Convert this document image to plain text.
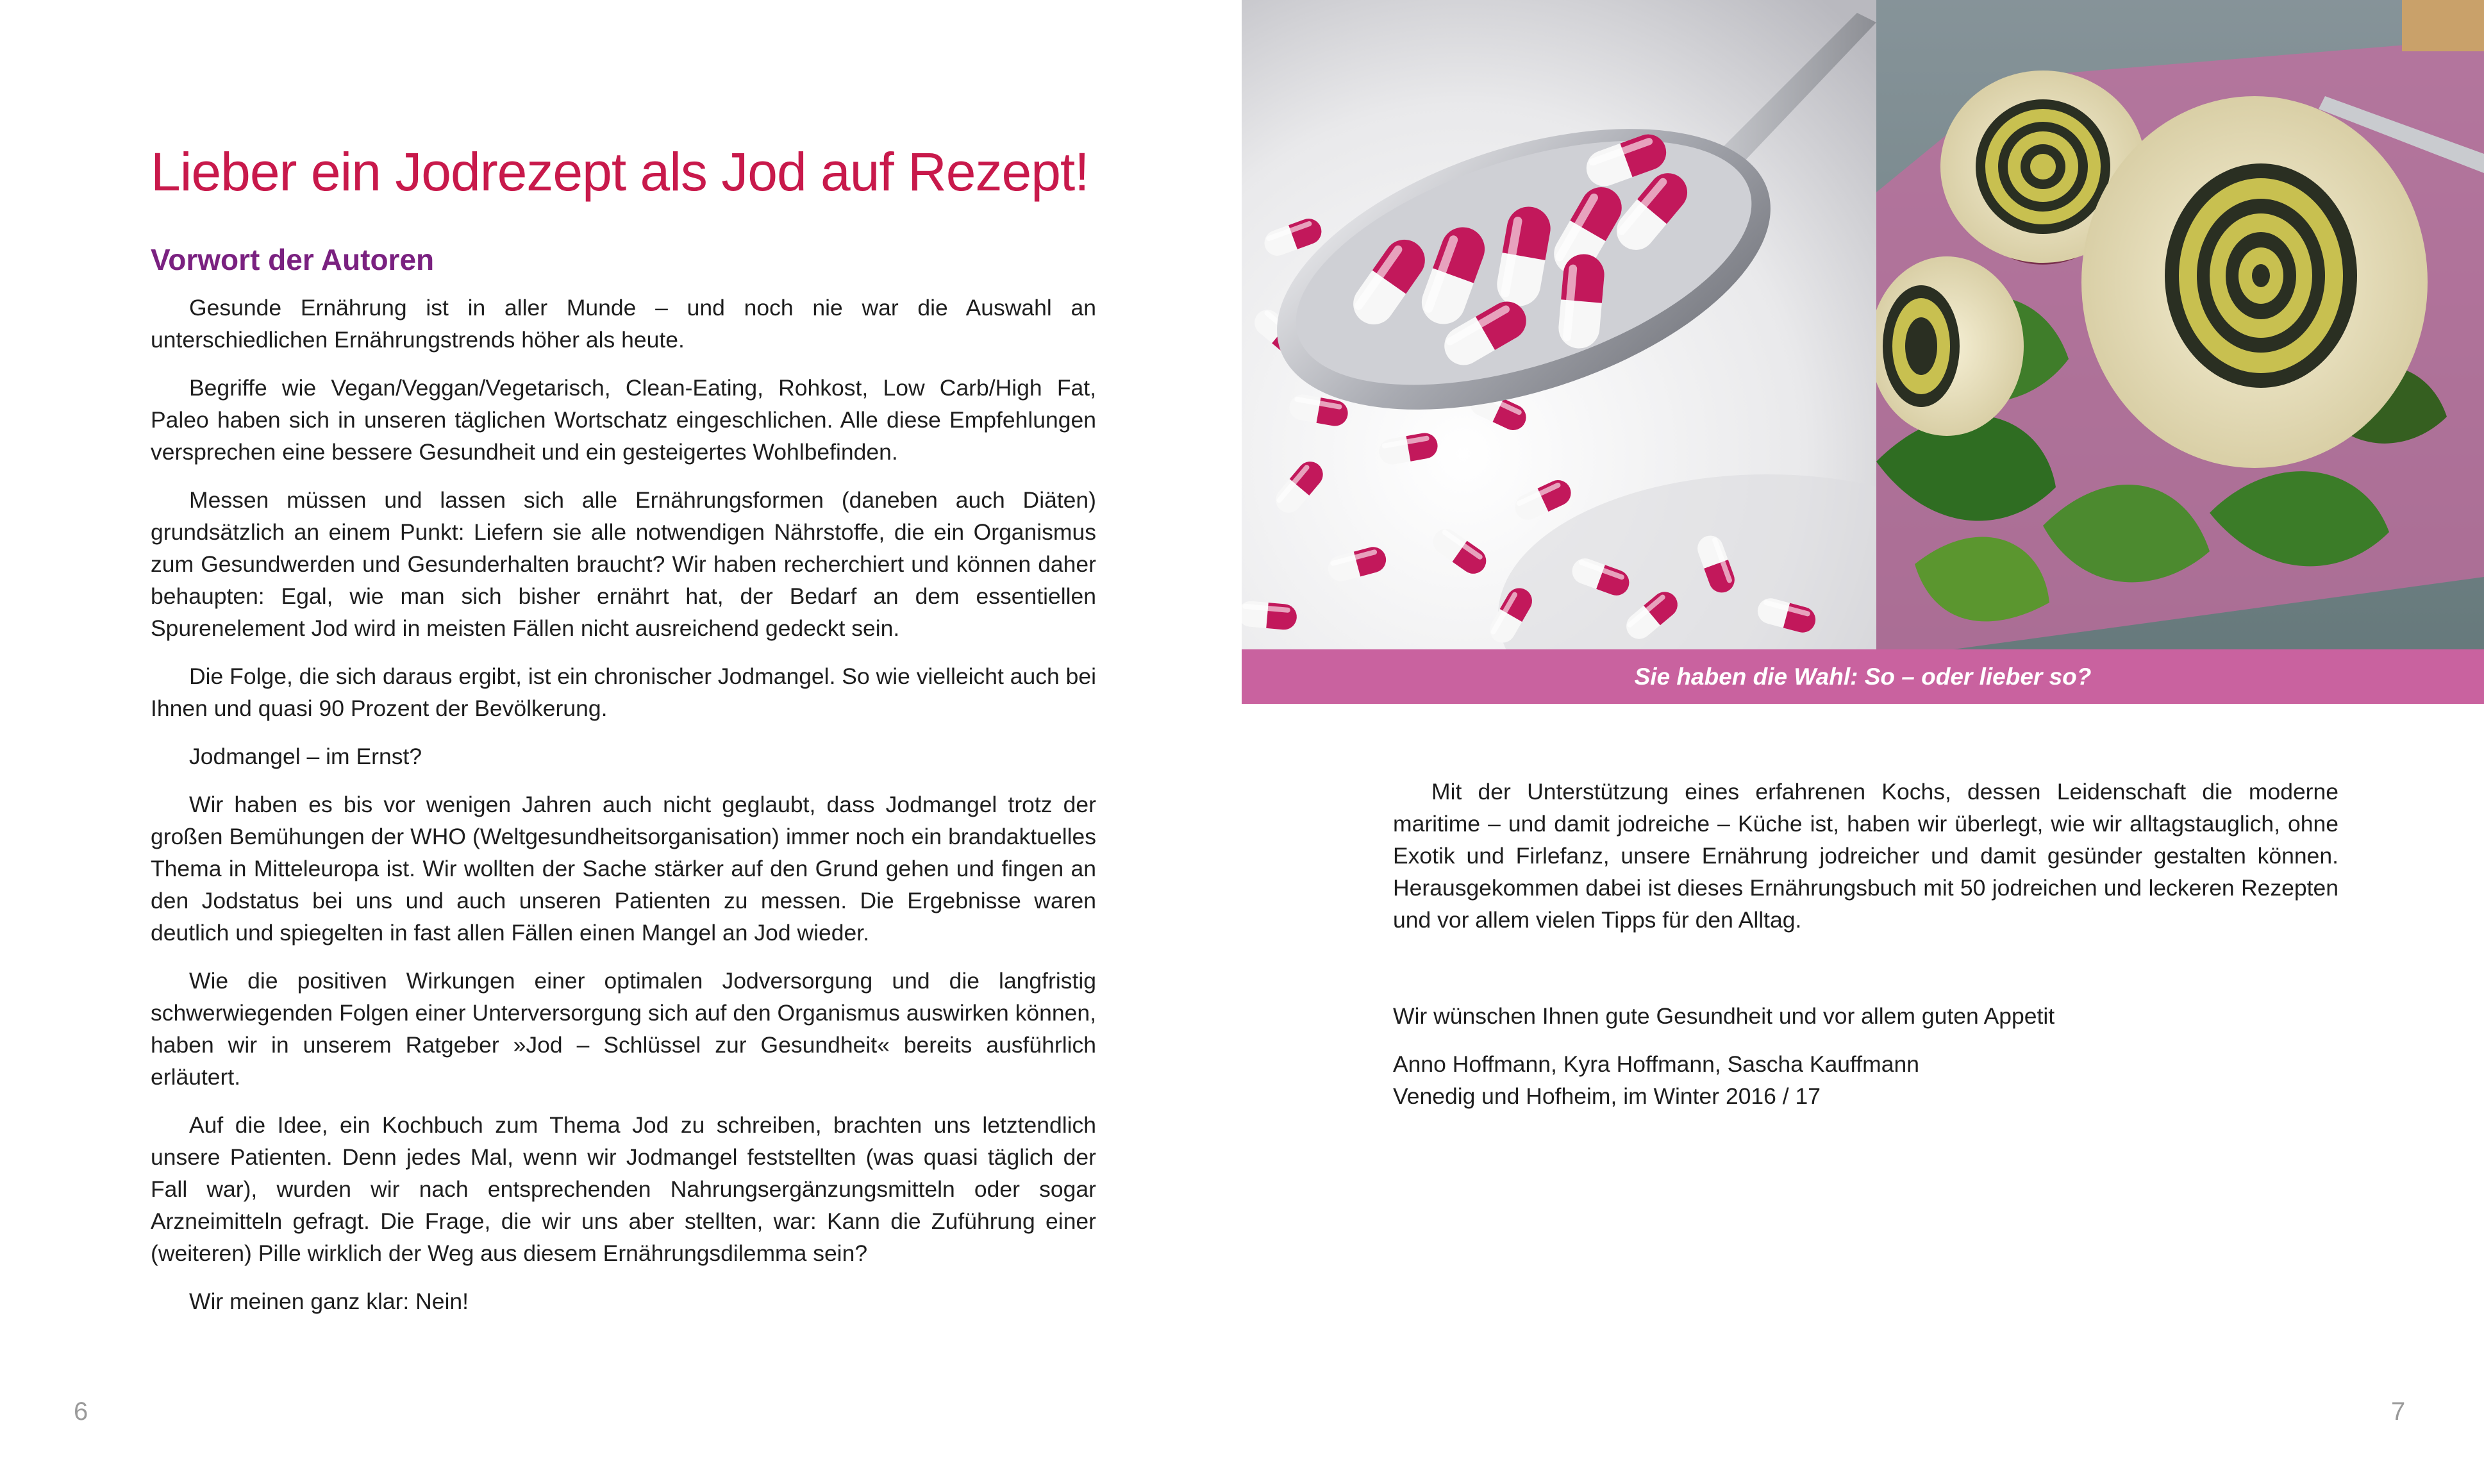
Lieber ein Jodrezept als Jod auf Rezept!
Vorwort der Autoren

Gesunde Ernährung ist in aller Munde – und noch nie war die Auswahl an unterschiedlichen Ernährungstrends höher als heute.

Begriffe wie Vegan/Veggan/Vegetarisch, Clean-Eating, Rohkost, Low Carb/High Fat, Paleo haben sich in unseren täglichen Wortschatz eingeschlichen. Alle diese Empfehlungen versprechen eine bessere Gesundheit und ein gesteigertes Wohlbefinden.

Messen müssen und lassen sich alle Ernährungsformen (daneben auch Diäten) grundsätzlich an einem Punkt: Liefern sie alle notwendigen Nährstoffe, die ein Organismus zum Gesundwerden und Gesunderhalten braucht? Wir haben recherchiert und können daher behaupten: Egal, wie man sich bisher ernährt hat, der Bedarf an dem essentiellen Spurenelement Jod wird in meisten Fällen nicht ausreichend gedeckt sein.

Die Folge, die sich daraus ergibt, ist ein chronischer Jodmangel. So wie vielleicht auch bei Ihnen und quasi 90 Prozent der Bevölkerung.

Jodmangel – im Ernst?

Wir haben es bis vor wenigen Jahren auch nicht geglaubt, dass Jodmangel trotz der großen Bemühungen der WHO (Weltgesundheitsorganisation) immer noch ein brandaktuelles Thema in Mitteleuropa ist. Wir wollten der Sache stärker auf den Grund gehen und fingen an den Jodstatus bei uns und auch unseren Patienten zu messen. Die Ergebnisse waren deutlich und spiegelten in fast allen Fällen einen Mangel an Jod wieder.

Wie die positiven Wirkungen einer optimalen Jodversorgung und die langfristig schwerwiegenden Folgen einer Unterversorgung sich auf den Organismus auswirken können, haben wir in unserem Ratgeber »Jod – Schlüssel zur Gesundheit« bereits ausführlich erläutert.

Auf die Idee, ein Kochbuch zum Thema Jod zu schreiben, brachten uns letztendlich unsere Patienten. Denn jedes Mal, wenn wir Jodmangel feststellten (was quasi täglich der Fall war), wurden wir nach entsprechenden Nahrungsergänzungsmitteln oder sogar Arzneimitteln gefragt. Die Frage, die wir uns aber stellten, war: Kann die Zuführung einer (weiteren) Pille wirklich der Weg aus diesem Ernährungsdilemma sein?

Wir meinen ganz klar: Nein!

6
Sie haben die Wahl: So – oder lieber so?
7

Mit der Unterstützung eines erfahrenen Kochs, dessen Leidenschaft die moderne maritime – und damit jodreiche – Küche ist, haben wir überlegt, wie wir alltagstauglich, ohne Exotik und Firlefanz, unsere Ernährung jodreicher und damit gesünder gestalten können. Herausgekommen dabei ist dieses Ernährungsbuch mit 50 jodreichen und leckeren Rezepten und vor allem vielen Tipps für den Alltag.

Wir wünschen Ihnen gute Gesundheit und vor allem guten Appetit

Anno Hoffmann, Kyra Hoffmann, Sascha Kauffmann

Venedig und Hofheim, im Winter 2016 / 17
